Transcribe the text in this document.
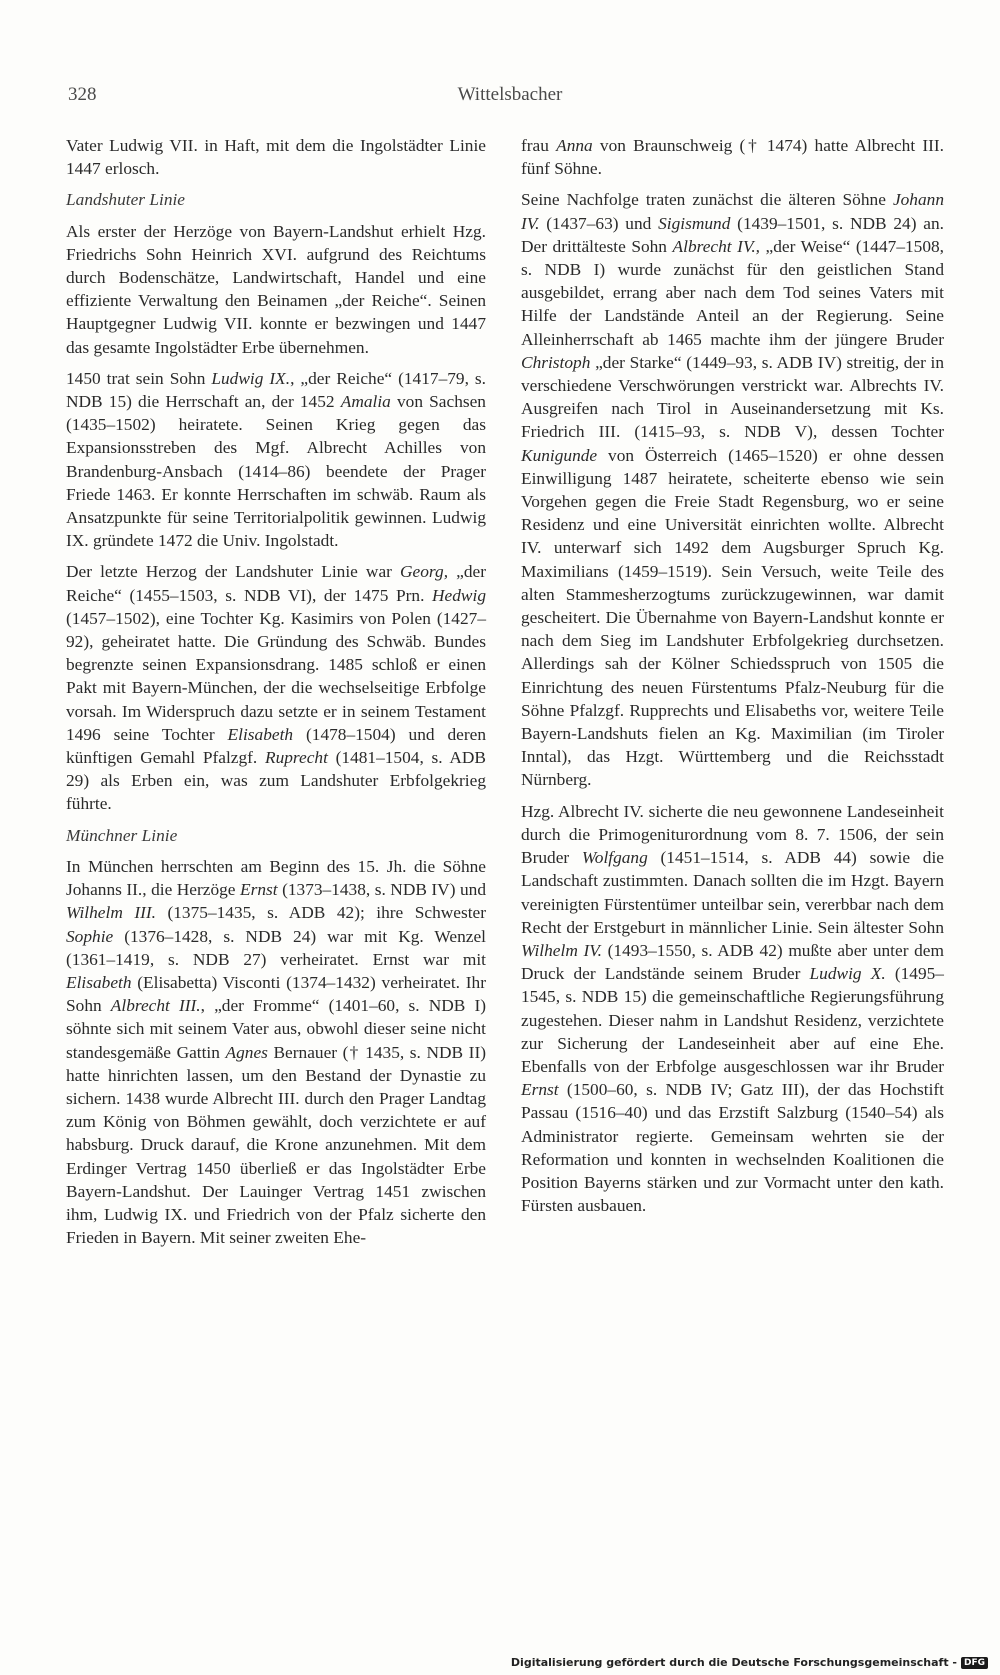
328	Wittelsbacher

Vater Ludwig VII. in Haft, mit dem die Ingolstädter Linie 1447 erlosch.

Landshuter Linie

Als erster der Herzöge von Bayern-Landshut erhielt Hzg. Friedrichs Sohn Heinrich XVI. aufgrund des Reichtums durch Bodenschätze, Landwirtschaft, Handel und eine effiziente Verwaltung den Beinamen „der Reiche“. Seinen Hauptgegner Ludwig VII. konnte er bezwingen und 1447 das gesamte Ingolstädter Erbe übernehmen.

1450 trat sein Sohn Ludwig IX., „der Reiche“ (1417–79, s. NDB 15) die Herrschaft an, der 1452 Amalia von Sachsen (1435–1502) heiratete. Seinen Krieg gegen das Expansionsstreben des Mgf. Albrecht Achilles von Brandenburg-Ansbach (1414–86) beendete der Prager Friede 1463. Er konnte Herrschaften im schwäb. Raum als Ansatzpunkte für seine Territorialpolitik gewinnen. Ludwig IX. gründete 1472 die Univ. Ingolstadt.

Der letzte Herzog der Landshuter Linie war Georg, „der Reiche“ (1455–1503, s. NDB VI), der 1475 Prn. Hedwig (1457–1502), eine Tochter Kg. Kasimirs von Polen (1427–92), geheiratet hatte. Die Gründung des Schwäb. Bundes begrenzte seinen Expansionsdrang. 1485 schloß er einen Pakt mit Bayern-München, der die wechselseitige Erbfolge vorsah. Im Widerspruch dazu setzte er in seinem Testament 1496 seine Tochter Elisabeth (1478–1504) und deren künftigen Gemahl Pfalzgf. Ruprecht (1481–1504, s. ADB 29) als Erben ein, was zum Landshuter Erbfolgekrieg führte.

Münchner Linie

In München herrschten am Beginn des 15. Jh. die Söhne Johanns II., die Herzöge Ernst (1373–1438, s. NDB IV) und Wilhelm III. (1375–1435, s. ADB 42); ihre Schwester Sophie (1376–1428, s. NDB 24) war mit Kg. Wenzel (1361–1419, s. NDB 27) verheiratet. Ernst war mit Elisabeth (Elisabetta) Visconti (1374–1432) verheiratet. Ihr Sohn Albrecht III., „der Fromme“ (1401–60, s. NDB I) söhnte sich mit seinem Vater aus, obwohl dieser seine nicht standesgemäße Gattin Agnes Bernauer († 1435, s. NDB II) hatte hinrichten lassen, um den Bestand der Dynastie zu sichern. 1438 wurde Albrecht III. durch den Prager Landtag zum König von Böhmen gewählt, doch verzichtete er auf habsburg. Druck darauf, die Krone anzunehmen. Mit dem Erdinger Vertrag 1450 überließ er das Ingolstädter Erbe Bayern-Landshut. Der Lauinger Vertrag 1451 zwischen ihm, Ludwig IX. und Friedrich von der Pfalz sicherte den Frieden in Bayern. Mit seiner zweiten Ehe-

frau Anna von Braunschweig († 1474) hatte Albrecht III. fünf Söhne.

Seine Nachfolge traten zunächst die älteren Söhne Johann IV. (1437–63) und Sigismund (1439–1501, s. NDB 24) an. Der drittälteste Sohn Albrecht IV., „der Weise“ (1447–1508, s. NDB I) wurde zunächst für den geistlichen Stand ausgebildet, errang aber nach dem Tod seines Vaters mit Hilfe der Landstände Anteil an der Regierung. Seine Alleinherrschaft ab 1465 machte ihm der jüngere Bruder Christoph „der Starke“ (1449–93, s. ADB IV) streitig, der in verschiedene Verschwörungen verstrickt war. Albrechts IV. Ausgreifen nach Tirol in Auseinandersetzung mit Ks. Friedrich III. (1415–93, s. NDB V), dessen Tochter Kunigunde von Österreich (1465–1520) er ohne dessen Einwilligung 1487 heiratete, scheiterte ebenso wie sein Vorgehen gegen die Freie Stadt Regensburg, wo er seine Residenz und eine Universität einrichten wollte. Albrecht IV. unterwarf sich 1492 dem Augsburger Spruch Kg. Maximilians (1459–1519). Sein Versuch, weite Teile des alten Stammesherzogtums zurückzugewinnen, war damit gescheitert. Die Übernahme von Bayern-Landshut konnte er nach dem Sieg im Landshuter Erbfolgekrieg durchsetzen. Allerdings sah der Kölner Schiedsspruch von 1505 die Einrichtung des neuen Fürstentums Pfalz-Neuburg für die Söhne Pfalzgf. Rupprechts und Elisabeths vor, weitere Teile Bayern-Landshuts fielen an Kg. Maximilian (im Tiroler Inntal), das Hzgt. Württemberg und die Reichsstadt Nürnberg.

Hzg. Albrecht IV. sicherte die neu gewonnene Landeseinheit durch die Primogeniturordnung vom 8. 7. 1506, der sein Bruder Wolfgang (1451–1514, s. ADB 44) sowie die Landschaft zustimmten. Danach sollten die im Hzgt. Bayern vereinigten Fürstentümer unteilbar sein, vererbbar nach dem Recht der Erstgeburt in männlicher Linie. Sein ältester Sohn Wilhelm IV. (1493–1550, s. ADB 42) mußte aber unter dem Druck der Landstände seinem Bruder Ludwig X. (1495–1545, s. NDB 15) die gemeinschaftliche Regierungsführung zugestehen. Dieser nahm in Landshut Residenz, verzichtete zur Sicherung der Landeseinheit aber auf eine Ehe. Ebenfalls von der Erbfolge ausgeschlossen war ihr Bruder Ernst (1500–60, s. NDB IV; Gatz III), der das Hochstift Passau (1516–40) und das Erzstift Salzburg (1540–54) als Administrator regierte. Gemeinsam wehrten sie der Reformation und konnten in wechselnden Koalitionen die Position Bayerns stärken und zur Vormacht unter den kath. Fürsten ausbauen.

Digitalisierung gefördert durch die Deutsche Forschungsgemeinschaft - DFG
